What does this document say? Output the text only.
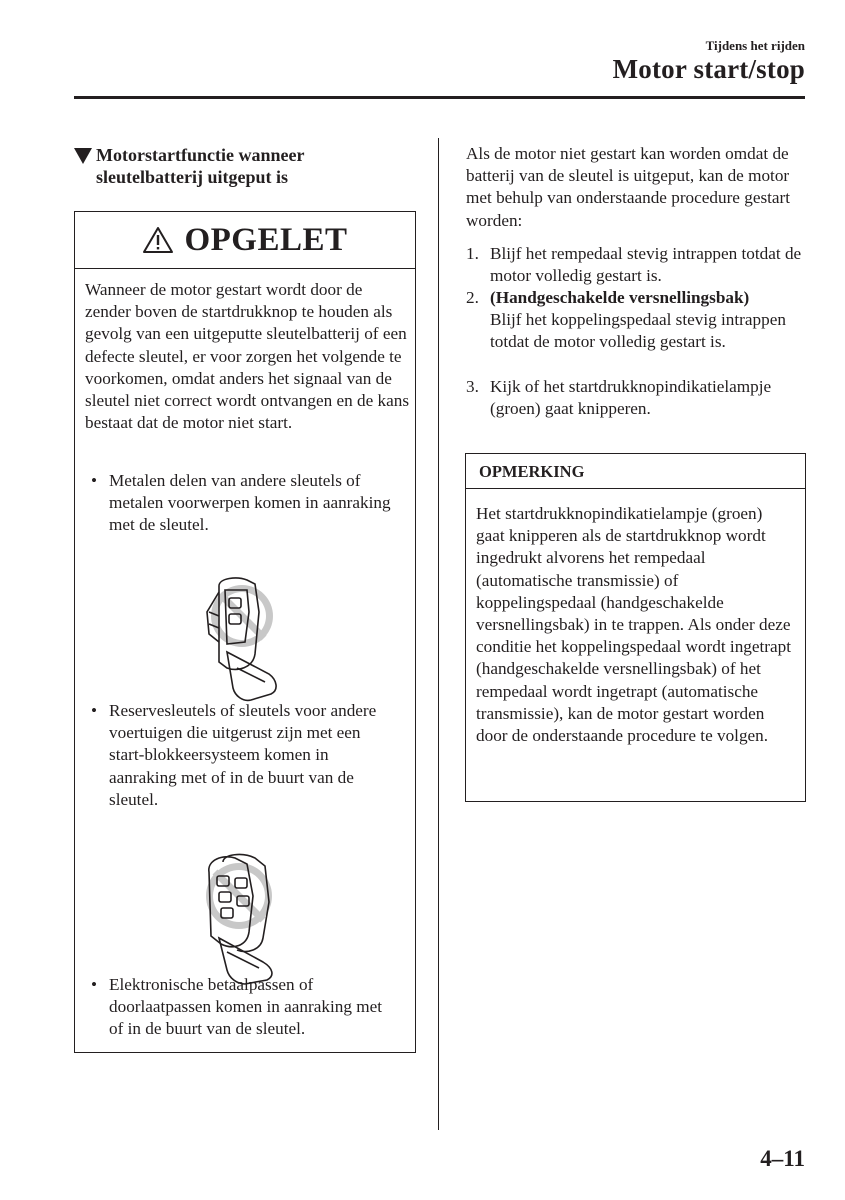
Tijdens het rijden
Motor start/stop
Motorstartfunctie wanneer
sleutelbatterij uitgeput is
OPGELET
Wanneer de motor gestart wordt door de zender boven de startdrukknop te houden als gevolg van een uitgeputte sleutelbatterij of een defecte sleutel, er voor zorgen het volgende te voorkomen, omdat anders het signaal van de sleutel niet correct wordt ontvangen en de kans bestaat dat de motor niet start.
• Metalen delen van andere sleutels of metalen voorwerpen komen in aanraking met de sleutel.
• Reservesleutels of sleutels voor andere voertuigen die uitgerust zijn met een start-blokkeersysteem komen in aanraking met of in de buurt van de sleutel.
• Elektronische betaalpassen of doorlaatpassen komen in aanraking met of in de buurt van de sleutel.
Als de motor niet gestart kan worden omdat de batterij van de sleutel is uitgeput, kan de motor met behulp van onderstaande procedure gestart worden:
1. Blijf het rempedaal stevig intrappen totdat de motor volledig gestart is.
2. (Handgeschakelde versnellingsbak)
Blijf het koppelingspedaal stevig intrappen totdat de motor volledig gestart is.
3. Kijk of het startdrukknopindikatielampje (groen) gaat knipperen.
OPMERKING
Het startdrukknopindikatielampje (groen) gaat knipperen als de startdrukknop wordt ingedrukt alvorens het rempedaal (automatische transmissie) of koppelingspedaal (handgeschakelde versnellingsbak) in te trappen. Als onder deze conditie het koppelingspedaal wordt ingetrapt (handgeschakelde versnellingsbak) of het rempedaal wordt ingetrapt (automatische transmissie), kan de motor gestart worden door de onderstaande procedure te volgen.
4–11
